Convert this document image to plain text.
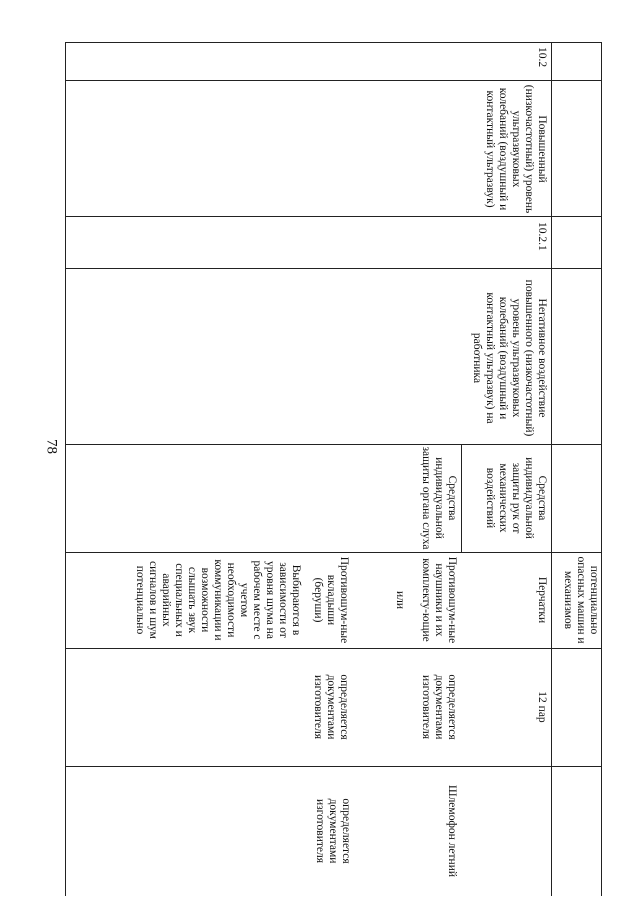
78
потенциально опасных машин и механизмов
10.2
Повышенный (низкочастотный) уровень ультразвуковых колебаний (воздушный и контактный ультразвук)
10.2.1
Негативное воздействие повышенного (низкочастотный) уровень ультразвуковых колебаний (воздушный и контактный ультразвук) на работника
Средства индивидуальной защиты рук от механических воздействий
Средства индивидуальной защиты органа слуха
Перчатки
Противошум-ные наушники и их комплекту-ющие
или
Противошум-ные вкладыши (беруши)
Выбираются в зависимости от уровня шума на рабочем месте с учетом необходимости коммуникации и возможности слышать звук специальных и аварийных сигналов и шум потенциально
12 пар
определяется документами изготовителя
определяется документами изготовителя
Шлемофон летний
определяется документами изготовителя
